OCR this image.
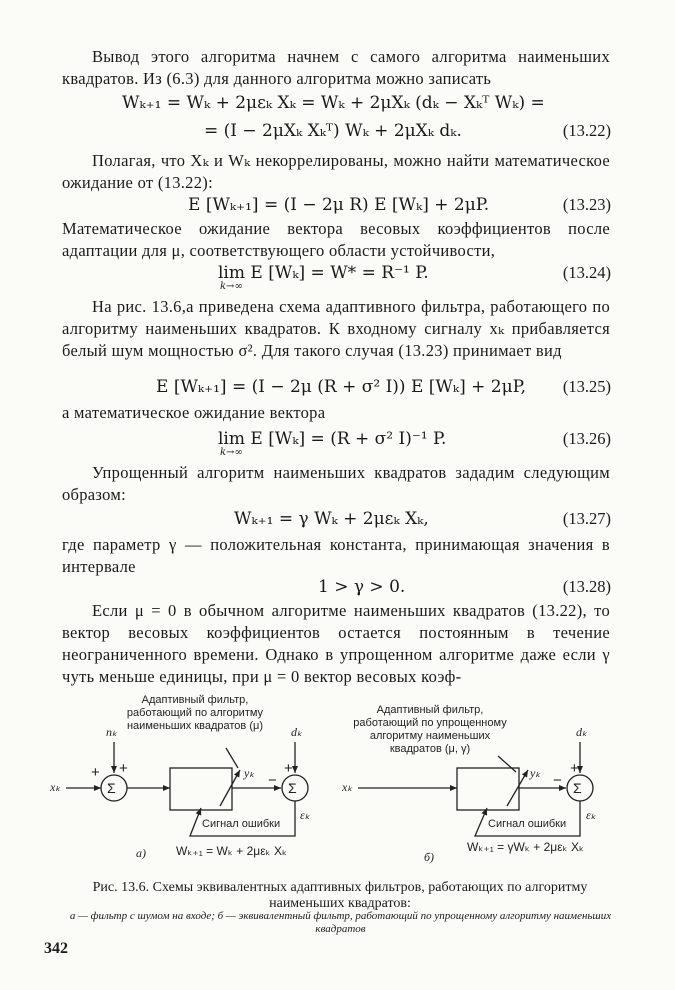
Вывод этого алгоритма начнем с самого алгоритма наименьших квадратов. Из (6.3) для данного алгоритма можно записать

Wₖ₊₁ = Wₖ + 2μεₖ Xₖ = Wₖ + 2μXₖ (dₖ − Xₖᵀ Wₖ) =
= (I − 2μXₖ Xₖᵀ) Wₖ + 2μXₖ dₖ.	(13.22)

Полагая, что Xₖ и Wₖ некоррелированы, можно найти математическое ожидание от (13.22):

E [Wₖ₊₁] = (I − 2μ R) E [Wₖ] + 2μP.	(13.23)

Математическое ожидание вектора весовых коэффициентов после адаптации для μ, соответствующего области устойчивости,

lim E [Wₖ] = W* = R⁻¹ P.
k→∞
(13.24)

На рис. 13.6,а приведена схема адаптивного фильтра, работающего по алгоритму наименьших квадратов. К входному сигналу xₖ прибавляется белый шум мощностью σ². Для такого случая (13.23) принимает вид

E [Wₖ₊₁] = (I − 2μ (R + σ² I)) E [Wₖ] + 2μP, (13.25)

а математическое ожидание вектора

lim E [Wₖ] = (R + σ² I)⁻¹ P.
k→∞
(13.26)

Упрощенный алгоритм наименьших квадратов зададим следующим образом:

Wₖ₊₁ = γ Wₖ + 2μεₖ Xₖ,	(13.27)

где параметр γ — положительная константа, принимающая значения в интервале

1 > γ > 0.	(13.28)

Если μ = 0 в обычном алгоритме наименьших квадратов (13.22), то вектор весовых коэффициентов остается постоянным в течение неограниченного времени. Однако в упрощенном алгоритме даже если γ чуть меньше единицы, при μ = 0 вектор весовых коэф-

Адаптивный фильтр, работающий по алгоритму наименьших квадратов (μ)
nₖ
xₖ
+ +
Σ
yₖ −
+
Σ
dₖ
εₖ
Сигнал ошибки
а)	Wₖ₊₁ = Wₖ + 2μεₖ Xₖ
Адаптивный фильтр, работающий по упрощенному алгоритму наименьших квадратов (μ, γ)
xₖ
yₖ −
+
Σ
dₖ
εₖ
Сигнал ошибки
б)
Wₖ₊₁ = γWₖ + 2μεₖ Xₖ
Рис. 13.6. Схемы эквивалентных адаптивных фильтров, работающих по алгоритму наименьших квадратов:
а — фильтр с шумом на входе; б — эквивалентный фильтр, работающий по упрощенному алгоритму наименьших квадратов
342
